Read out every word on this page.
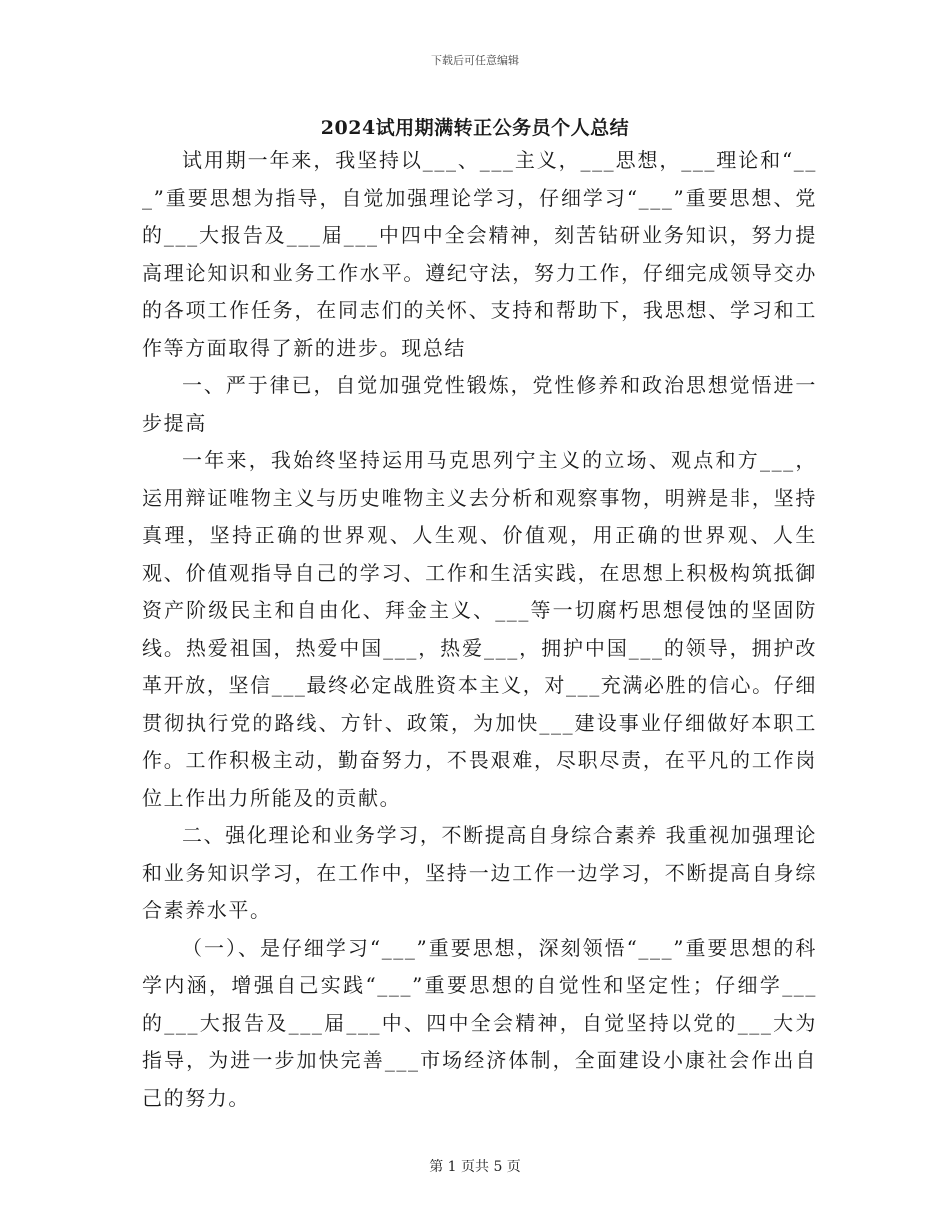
下载后可任意编辑
2024试用期满转正公务员个人总结

试用期一年来，我坚持以___、___主义，___思想，___理论和“___”重要思想为指导，自觉加强理论学习，仔细学习“___”重要思想、党的___大报告及___届___中四中全会精神，刻苦钻研业务知识，努力提高理论知识和业务工作水平。遵纪守法，努力工作，仔细完成领导交办的各项工作任务，在同志们的关怀、支持和帮助下，我思想、学习和工作等方面取得了新的进步。现总结

一、严于律已，自觉加强党性锻炼，党性修养和政治思想觉悟进一步提高

一年来，我始终坚持运用马克思列宁主义的立场、观点和方___，运用辩证唯物主义与历史唯物主义去分析和观察事物，明辨是非，坚持真理，坚持正确的世界观、人生观、价值观，用正确的世界观、人生观、价值观指导自己的学习、工作和生活实践，在思想上积极构筑抵御资产阶级民主和自由化、拜金主义、___等一切腐朽思想侵蚀的坚固防线。热爱祖国，热爱中国___，热爱___，拥护中国___的领导，拥护改革开放，坚信___最终必定战胜资本主义，对___充满必胜的信心。仔细贯彻执行党的路线、方针、政策，为加快___建设事业仔细做好本职工作。工作积极主动，勤奋努力，不畏艰难，尽职尽责，在平凡的工作岗位上作出力所能及的贡献。

二、强化理论和业务学习，不断提高自身综合素养 我重视加强理论和业务知识学习，在工作中，坚持一边工作一边学习，不断提高自身综合素养水平。

（一）、是仔细学习“___”重要思想，深刻领悟“___”重要思想的科学内涵，增强自己实践“___”重要思想的自觉性和坚定性；仔细学___的___大报告及___届___中、四中全会精神，自觉坚持以党的___大为指导，为进一步加快完善___市场经济体制，全面建设小康社会作出自己的努力。

第 1 页共 5 页
